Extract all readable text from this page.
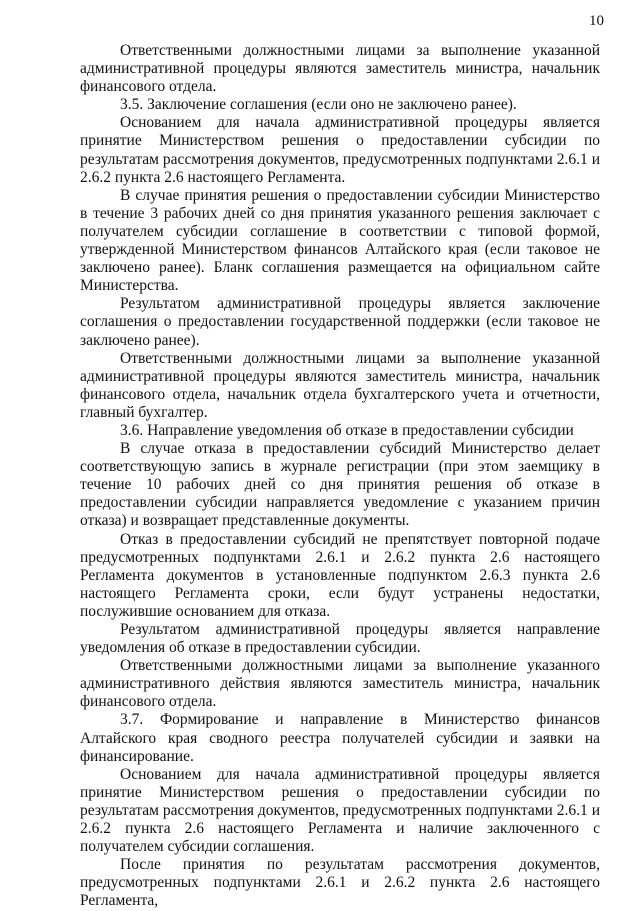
10

Ответственными должностными лицами за выполнение указанной административной процедуры являются заместитель министра, начальник финансового отдела.

3.5. Заключение соглашения (если оно не заключено ранее).

Основанием для начала административной процедуры является принятие Министерством решения о предоставлении субсидии по результатам рассмотрения документов, предусмотренных подпунктами 2.6.1 и 2.6.2 пункта 2.6 настоящего Регламента.

В случае принятия решения о предоставлении субсидии Министерство в течение 3 рабочих дней со дня принятия указанного решения заключает с получателем субсидии соглашение в соответствии с типовой формой, утвержденной Министерством финансов Алтайского края (если таковое не заключено ранее). Бланк соглашения размещается на официальном сайте Министерства.

Результатом административной процедуры является заключение соглашения о предоставлении государственной поддержки (если таковое не заключено ранее).

Ответственными должностными лицами за выполнение указанной административной процедуры являются заместитель министра, начальник финансового отдела, начальник отдела бухгалтерского учета и отчетности, главный бухгалтер.

3.6. Направление уведомления об отказе в предоставлении субсидии

В случае отказа в предоставлении субсидий Министерство делает соответствующую запись в журнале регистрации (при этом заемщику в течение 10 рабочих дней со дня принятия решения об отказе в предоставлении субсидии направляется уведомление с указанием причин отказа) и возвращает представленные документы.

Отказ в предоставлении субсидий не препятствует повторной подаче предусмотренных подпунктами 2.6.1 и 2.6.2 пункта 2.6 настоящего Регламента документов в установленные подпунктом 2.6.3 пункта 2.6 настоящего Регламента сроки, если будут устранены недостатки, послужившие основанием для отказа.

Результатом административной процедуры является направление уведомления об отказе в предоставлении субсидии.

Ответственными должностными лицами за выполнение указанного административного действия являются заместитель министра, начальник финансового отдела.

3.7. Формирование и направление в Министерство финансов Алтайского края сводного реестра получателей субсидии и заявки на финансирование.

Основанием для начала административной процедуры является принятие Министерством решения о предоставлении субсидии по результатам рассмотрения документов, предусмотренных подпунктами 2.6.1 и 2.6.2 пункта 2.6 настоящего Регламента и наличие заключенного с получателем субсидии соглашения.

После принятия по результатам рассмотрения документов, предусмотренных подпунктами 2.6.1 и 2.6.2 пункта 2.6 настоящего Регламента,
